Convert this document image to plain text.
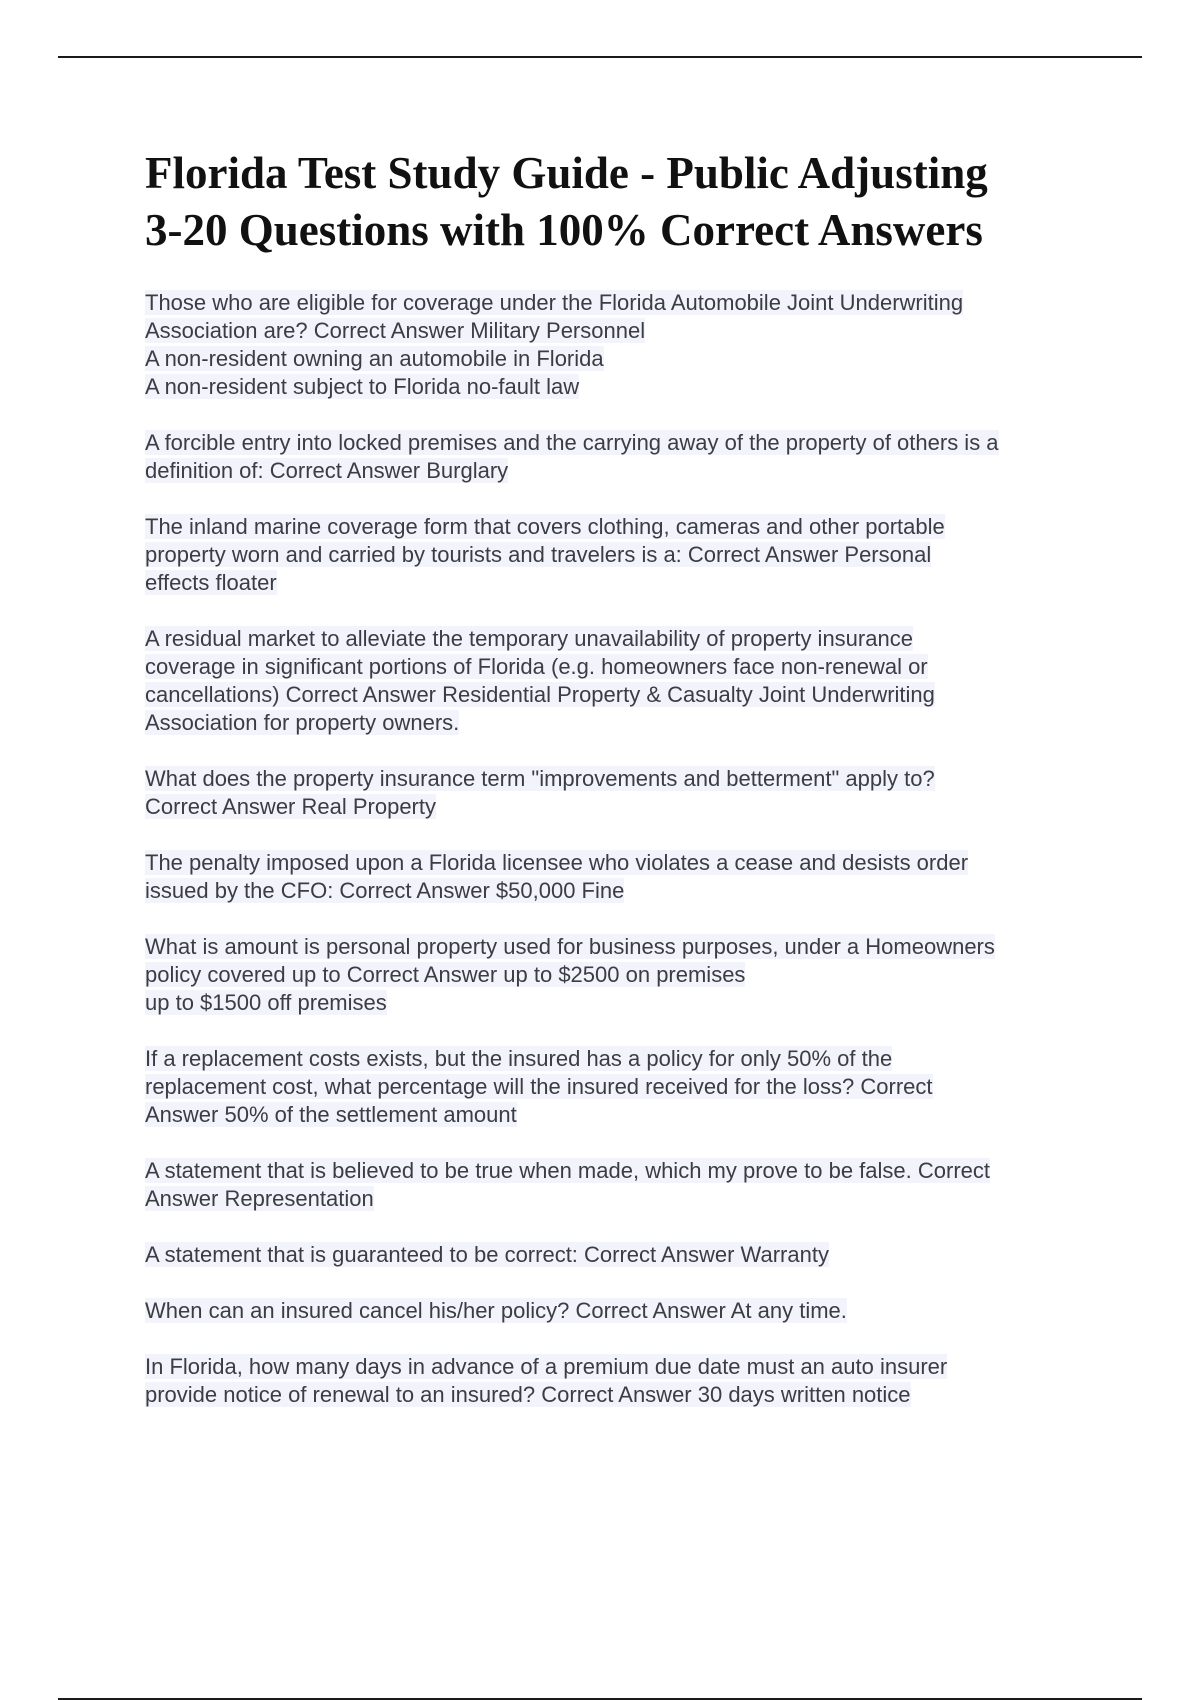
Florida Test Study Guide - Public Adjusting
3-20 Questions with 100% Correct Answers
Those who are eligible for coverage under the Florida Automobile Joint Underwriting
Association are? Correct Answer Military Personnel
A non-resident owning an automobile in Florida
A non-resident subject to Florida no-fault law
A forcible entry into locked premises and the carrying away of the property of others is a
definition of: Correct Answer Burglary
The inland marine coverage form that covers clothing, cameras and other portable
property worn and carried by tourists and travelers is a: Correct Answer Personal
effects floater
A residual market to alleviate the temporary unavailability of property insurance
coverage in significant portions of Florida (e.g. homeowners face non-renewal or
cancellations) Correct Answer Residential Property & Casualty Joint Underwriting
Association for property owners.
What does the property insurance term "improvements and betterment" apply to?
Correct Answer Real Property
The penalty imposed upon a Florida licensee who violates a cease and desists order
issued by the CFO: Correct Answer $50,000 Fine
What is amount is personal property used for business purposes, under a Homeowners
policy covered up to Correct Answer up to $2500 on premises
up to $1500 off premises
If a replacement costs exists, but the insured has a policy for only 50% of the
replacement cost, what percentage will the insured received for the loss? Correct
Answer 50% of the settlement amount
A statement that is believed to be true when made, which my prove to be false. Correct
Answer Representation
A statement that is guaranteed to be correct: Correct Answer Warranty
When can an insured cancel his/her policy? Correct Answer At any time.
In Florida, how many days in advance of a premium due date must an auto insurer
provide notice of renewal to an insured? Correct Answer 30 days written notice
